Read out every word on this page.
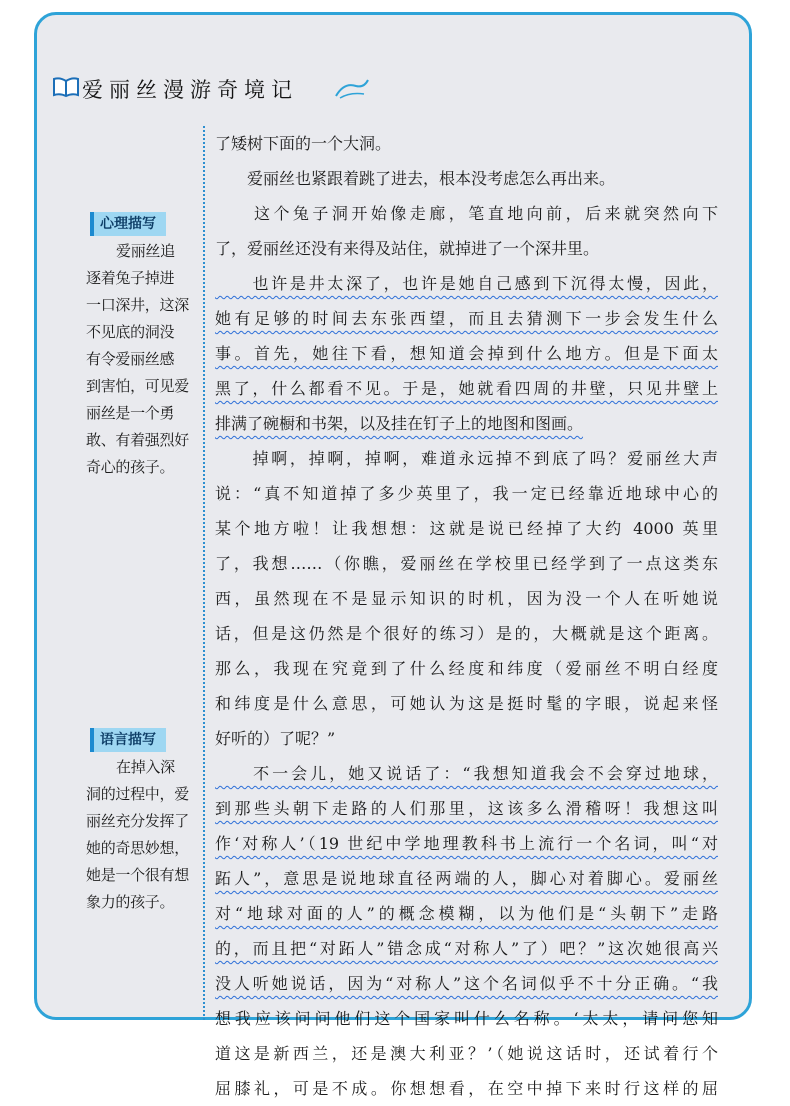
爱丽丝漫游奇境记
心理描写
爱丽丝追
逐着兔子掉进
一口深井，这深
不见底的洞没
有令爱丽丝感
到害怕，可见爱
丽丝是一个勇
敢、有着强烈好
奇心的孩子。
语言描写
在掉入深
洞的过程中，爱
丽丝充分发挥了
她的奇思妙想，
她是一个很有想
象力的孩子。
了矮树下面的一个大洞。
　　爱丽丝也紧跟着跳了进去，根本没考虑怎么再出来。
　　这个兔子洞开始像走廊，笔直地向前，后来就突然向下
了，爱丽丝还没有来得及站住，就掉进了一个深井里。
　　也许是井太深了，也许是她自己感到下沉得太慢，因此，
她有足够的时间去东张西望，而且去猜测下一步会发生什么
事。首先，她往下看，想知道会掉到什么地方。但是下面太
黑了，什么都看不见。于是，她就看四周的井壁，只见井壁上
排满了碗橱和书架，以及挂在钉子上的地图和图画。
　　掉啊，掉啊，掉啊，难道永远掉不到底了吗？爱丽丝大声
说：“真不知道掉了多少英里了，我一定已经靠近地球中心的
某个地方啦！让我想想：这就是说已经掉了大约 4000 英里
了，我想……（你瞧，爱丽丝在学校里已经学到了一点这类东
西，虽然现在不是显示知识的时机，因为没一个人在听她说
话，但是这仍然是个很好的练习）是的，大概就是这个距离。
那么，我现在究竟到了什么经度和纬度（爱丽丝不明白经度
和纬度是什么意思，可她认为这是挺时髦的字眼，说起来怪
好听的）了呢？”
　　不一会儿，她又说话了：“我想知道我会不会穿过地球，
到那些头朝下走路的人们那里，这该多么滑稽呀！我想这叫
作‘对称人’（19 世纪中学地理教科书上流行一个名词，叫“对
跖人”，意思是说地球直径两端的人，脚心对着脚心。爱丽丝
对“地球对面的人”的概念模糊，以为他们是“头朝下”走路
的，而且把“对跖人”错念成“对称人”了）吧？”这次她很高兴
没人听她说话，因为“对称人”这个名词似乎不十分正确。“我
想我应该问问他们这个国家叫什么名称。‘太太，请问您知
道这是新西兰，还是澳大利亚？’（她说这话时，还试着行个
屈膝礼，可是不成。你想想看，在空中掉下来时行这样的屈
